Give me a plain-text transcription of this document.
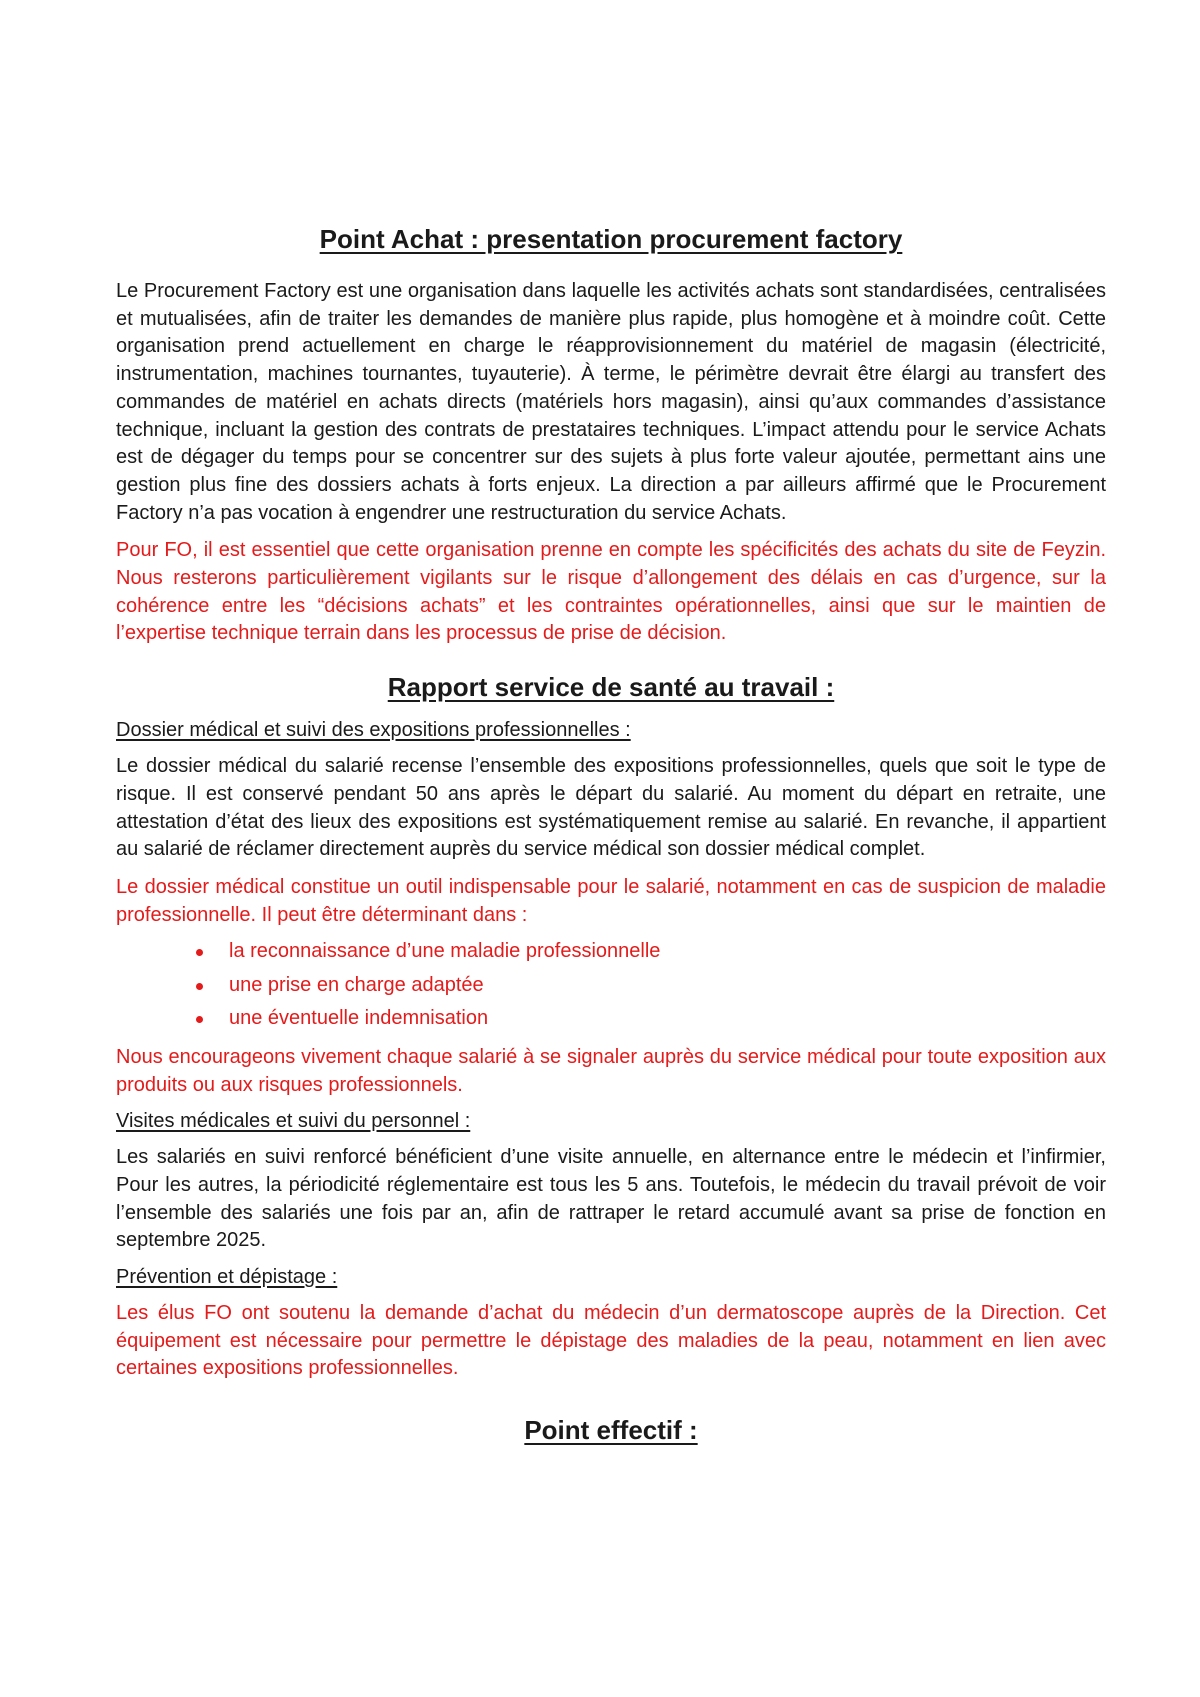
Point Achat : presentation procurement factory

Le Procurement Factory est une organisation dans laquelle les activités achats sont standardisées, centralisées et mutualisées, afin de traiter les demandes de manière plus rapide, plus homogène et à moindre coût. Cette organisation prend actuellement en charge le réapprovisionnement du matériel de magasin (électricité, instrumentation, machines tournantes, tuyauterie). À terme, le périmètre devrait être élargi au transfert des commandes de matériel en achats directs (matériels hors magasin), ainsi qu’aux commandes d’assistance technique, incluant la gestion des contrats de prestataires techniques. L’impact attendu pour le service Achats est de dégager du temps pour se concentrer sur des sujets à plus forte valeur ajoutée, permettant ains une gestion plus fine des dossiers achats à forts enjeux. La direction a par ailleurs affirmé que le Procurement Factory n’a pas vocation à engendrer une restructuration du service Achats.

Pour FO, il est essentiel que cette organisation prenne en compte les spécificités des achats du site de Feyzin. Nous resterons particulièrement vigilants sur le risque d’allongement des délais en cas d’urgence, sur la cohérence entre les “décisions achats” et les contraintes opérationnelles, ainsi que sur le maintien de l’expertise technique terrain dans les processus de prise de décision.

Rapport service de santé au travail :
Dossier médical et suivi des expositions professionnelles :

Le dossier médical du salarié recense l’ensemble des expositions professionnelles, quels que soit le type de risque. Il est conservé pendant 50 ans après le départ du salarié. Au moment du départ en retraite, une attestation d’état des lieux des expositions est systématiquement remise au salarié. En revanche, il appartient au salarié de réclamer directement auprès du service médical son dossier médical complet.

Le dossier médical constitue un outil indispensable pour le salarié, notamment en cas de suspicion de maladie professionnelle. Il peut être déterminant dans :

la reconnaissance d’une maladie professionnelle
une prise en charge adaptée
une éventuelle indemnisation

Nous encourageons vivement chaque salarié à se signaler auprès du service médical pour toute exposition aux produits ou aux risques professionnels.

Visites médicales et suivi du personnel :

Les salariés en suivi renforcé bénéficient d’une visite annuelle, en alternance entre le médecin et l’infirmier, Pour les autres, la périodicité réglementaire est tous les 5 ans. Toutefois, le médecin du travail prévoit de voir l’ensemble des salariés une fois par an, afin de rattraper le retard accumulé avant sa prise de fonction en septembre 2025.

Prévention et dépistage :

Les élus FO ont soutenu la demande d’achat du médecin d’un dermatoscope auprès de la Direction. Cet équipement est nécessaire pour permettre le dépistage des maladies de la peau, notamment en lien avec certaines expositions professionnelles.

Point effectif :
